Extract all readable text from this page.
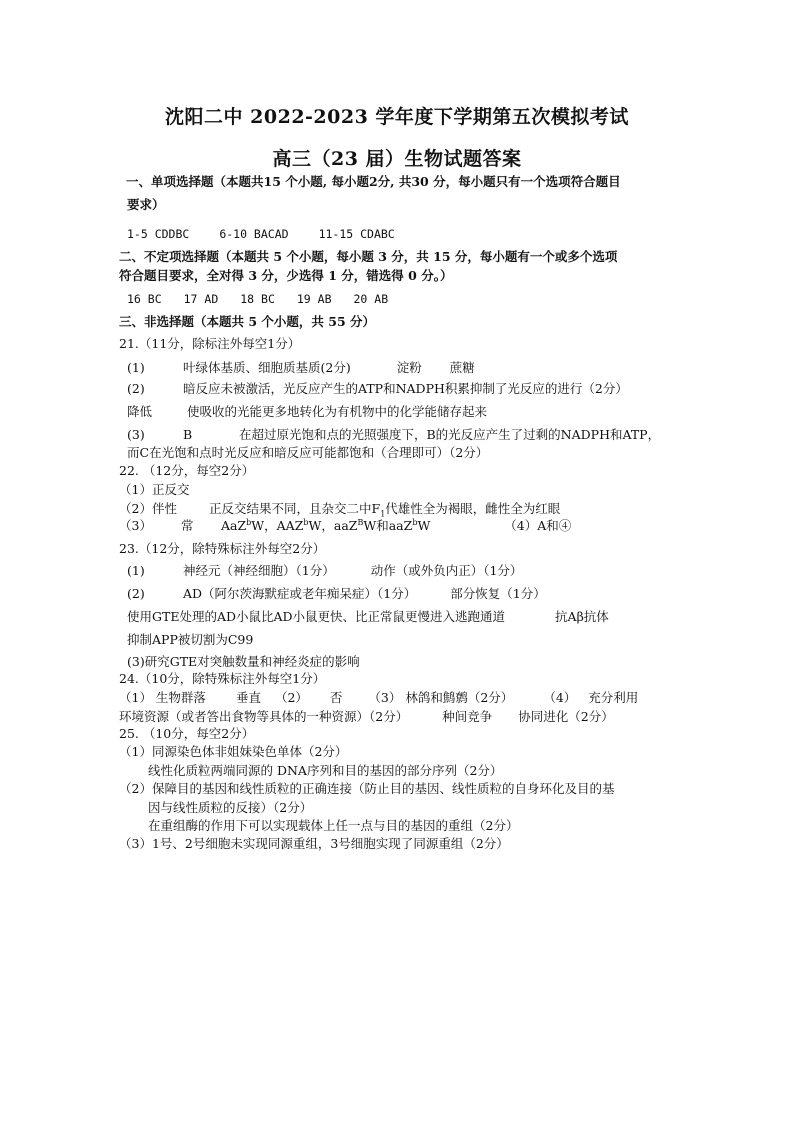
沈阳二中 2022-2023 学年度下学期第五次模拟考试
高三（23 届）生物试题答案
一、单项选择题（本题共15 个小题, 每小题2分, 共30 分，每小题只有一个选项符合题目
要求）
1-5 CDDBC	6-10 BACAD	11-15 CDABC
二、不定项选择题（本题共 5 个小题，每小题 3 分，共 15 分，每小题有一个或多个选项
符合题目要求，全对得 3 分，少选得 1 分，错选得 0 分。）
16 BC 17 AD 18 BC 19 AB 20 AB
三、非选择题（本题共 5 个小题，共 55 分）
21.（11分，除标注外每空1分）
(1)	叶绿体基质、细胞质基质(2分)	淀粉 蔗糖
(2)	暗反应未被激活，光反应产生的ATP和NADPH积累抑制了光反应的进行（2分）
降低	使吸收的光能更多地转化为有机物中的化学能储存起来
(3)	B	在超过原光饱和点的光照强度下，B的光反应产生了过剩的NADPH和ATP，
而C在光饱和点时光反应和暗反应可能都饱和（合理即可）（2分）
22. （12分，每空2分）
（1）正反交
（2）伴性	正反交结果不同，且杂交二中$F_1$代雄性全为褐眼，雌性全为红眼
（3） 常 AaZ$^b$W，AAZ$^b$W，aaZ$^B$W和aaZ$^b$W	（4）A和④
23.（12分，除特殊标注外每空2分）
(1)	神经元（神经细胞）（1分）	动作（或外负内正）（1分）
(2)	AD（阿尔茨海默症或老年痴呆症）（1分）	部分恢复（1分）
使用GTE处理的AD小鼠比AD小鼠更快、比正常鼠更慢进入逃跑通道	抗Aβ抗体
抑制APP被切割为C99
(3)研究GTE对突触数量和神经炎症的影响
24.（10分，除特殊标注外每空1分）
（1） 生物群落 垂直 （2） 否 （3） 林鸽和鹪鹩（2分） （4） 充分利用
环境资源（或者答出食物等具体的一种资源）（2分）	种间竞争 协同进化（2分）
25. （10分，每空2分）
（1）同源染色体非姐妹染色单体（2分）
线性化质粒两端同源的 DNA序列和目的基因的部分序列（2分）
（2）保障目的基因和线性质粒的正确连接（防止目的基因、线性质粒的自身环化及目的基
因与线性质粒的反接）（2分）
在重组酶的作用下可以实现载体上任一点与目的基因的重组（2分）
（3）1号、2号细胞未实现同源重组，3号细胞实现了同源重组（2分）
